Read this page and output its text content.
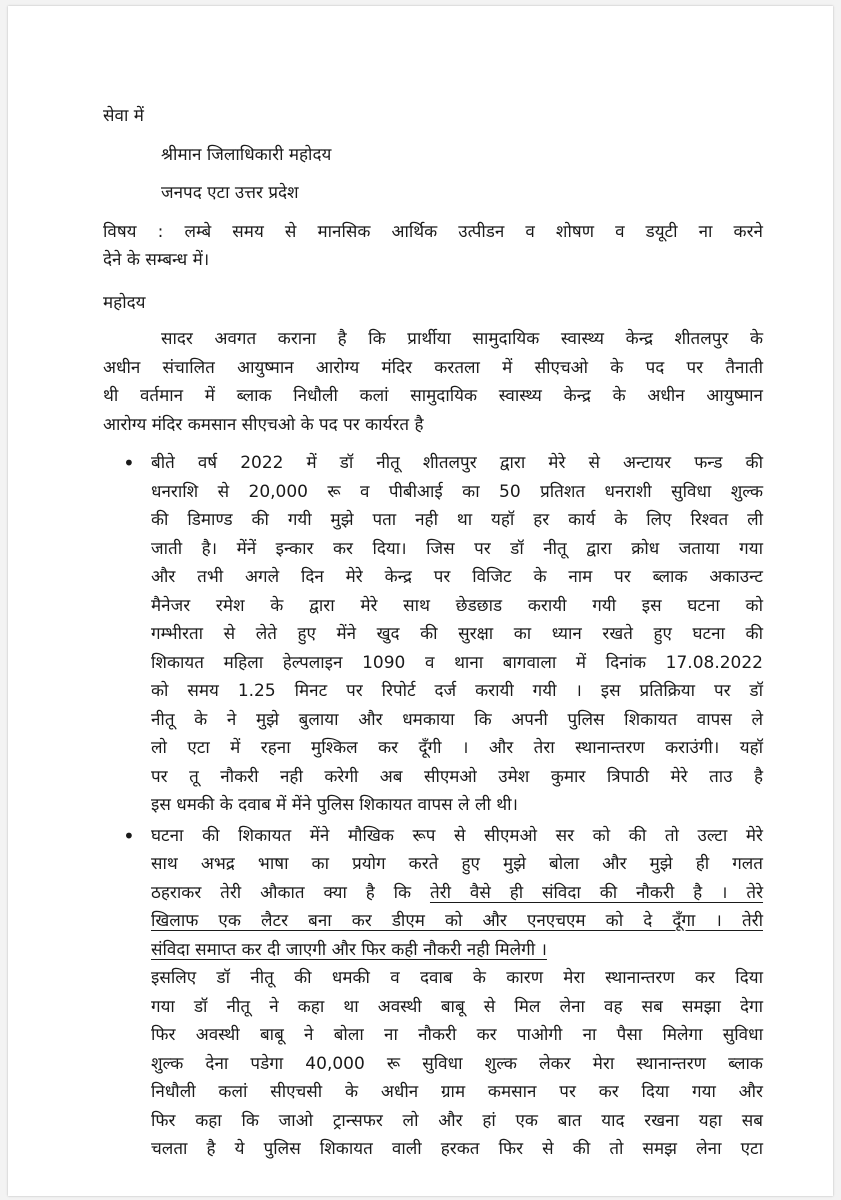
सेवा में
श्रीमान जिलाधिकारी महोदय
जनपद एटा उत्तर प्रदेश
विषय : लम्बे समय से मानसिक आर्थिक उत्पीडन व शोषण व डयूटी ना करने
देने के सम्बन्ध में।
महोदय
सादर अवगत कराना है कि प्रार्थीया सामुदायिक स्वास्थ्य केन्द्र शीतलपुर के
अधीन संचालित आयुष्मान आरोग्य मंदिर करतला में सीएचओ के पद पर तैनाती
थी वर्तमान में ब्लाक निधौली कलां सामुदायिक स्वास्थ्य केन्द्र के अधीन आयुष्मान
आरोग्य मंदिर कमसान सीएचओ के पद पर कार्यरत है
• बीते वर्ष 2022 में डॉ नीतू शीतलपुर द्वारा मेरे से अन्टायर फन्ड की
धनराशि से 20,000 रू व पीबीआई का 50 प्रतिशत धनराशी सुविधा शुल्क
की डिमाण्ड की गयी मुझे पता नही था यहॉ हर कार्य के लिए रिश्वत ली
जाती है। मेंनें इन्कार कर दिया। जिस पर डॉ नीतू द्वारा क्रोध जताया गया
और तभी अगले दिन मेरे केन्द्र पर विजिट के नाम पर ब्लाक अकाउन्ट
मैनेजर रमेश के द्वारा मेरे साथ छेडछाड करायी गयी इस घटना को
गम्भीरता से लेते हुए मेंने खुद की सुरक्षा का ध्यान रखते हुए घटना की
शिकायत महिला हेल्पलाइन 1090 व थाना बागवाला में दिनांक 17.08.2022
को समय 1.25 मिनट पर रिपोर्ट दर्ज करायी गयी । इस प्रतिक्रिया पर डॉ
नीतू के ने मुझे बुलाया और धमकाया कि अपनी पुलिस शिकायत वापस ले
लो एटा में रहना मुश्किल कर दूॅंगी । और तेरा स्थानान्तरण कराउंगी। यहॉ
पर तू नौकरी नही करेगी अब सीएमओ उमेश कुमार त्रिपाठी मेरे ताउ है
इस धमकी के दवाब में मेंने पुलिस शिकायत वापस ले ली थी।
• घटना की शिकायत मेंने मौखिक रूप से सीएमओ सर को की तो उल्टा मेरे
साथ अभद्र भाषा का प्रयोग करते हुए मुझे बोला और मुझे ही गलत
ठहराकर तेरी औकात क्या है कि तेरी वैसे ही संविदा की नौकरी है । तेरे
खिलाफ एक लैटर बना कर डीएम को और एनएचएम को दे दूॅंगा । तेरी
संविदा समाप्त कर दी जाएगी और फिर कही नौकरी नही मिलेगी ।
इसलिए डॉ नीतू की धमकी व दवाब के कारण मेरा स्थानान्तरण कर दिया
गया डॉ नीतू ने कहा था अवस्थी बाबू से मिल लेना वह सब समझा देगा
फिर अवस्थी बाबू ने बोला ना नौकरी कर पाओगी ना पैसा मिलेगा सुविधा
शुल्क देना पडेगा 40,000 रू सुविधा शुल्क लेकर मेरा स्थानान्तरण ब्लाक
निधौली कलां सीएचसी के अधीन ग्राम कमसान पर कर दिया गया और
फिर कहा कि जाओ ट्रान्सफर लो और हां एक बात याद रखना यहा सब
चलता है ये पुलिस शिकायत वाली हरकत फिर से की तो समझ लेना एटा
